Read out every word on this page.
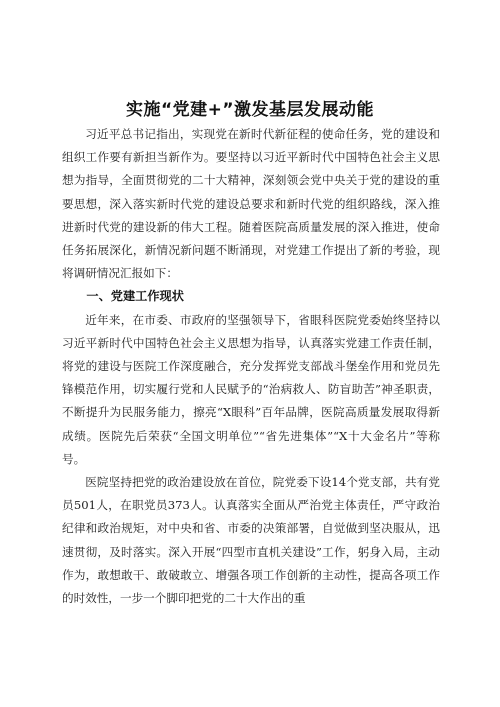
实施“党建+”激发基层发展动能

习近平总书记指出，实现党在新时代新征程的使命任务，党的建设和组织工作要有新担当新作为。要坚持以习近平新时代中国特色社会主义思想为指导，全面贯彻党的二十大精神，深刻领会党中央关于党的建设的重要思想，深入落实新时代党的建设总要求和新时代党的组织路线，深入推进新时代党的建设新的伟大工程。随着医院高质量发展的深入推进，使命任务拓展深化，新情况新问题不断涌现，对党建工作提出了新的考验，现将调研情况汇报如下：

一、党建工作现状

近年来，在市委、市政府的坚强领导下，省眼科医院党委始终坚持以习近平新时代中国特色社会主义思想为指导，认真落实党建工作责任制，将党的建设与医院工作深度融合，充分发挥党支部战斗堡垒作用和党员先锋模范作用，切实履行党和人民赋予的“治病救人、防盲助苦”神圣职责，不断提升为民服务能力，擦亮“X眼科”百年品牌，医院高质量发展取得新成绩。医院先后荣获“全国文明单位”“省先进集体”“X十大金名片”等称号。

医院坚持把党的政治建设放在首位，院党委下设14个党支部，共有党员501人，在职党员373人。认真落实全面从严治党主体责任，严守政治纪律和政治规矩，对中央和省、市委的决策部署，自觉做到坚决服从，迅速贯彻，及时落实。深入开展“四型市直机关建设”工作，躬身入局，主动作为，敢想敢干、敢破敢立、增强各项工作创新的主动性，提高各项工作的时效性，一步一个脚印把党的二十大作出的重
